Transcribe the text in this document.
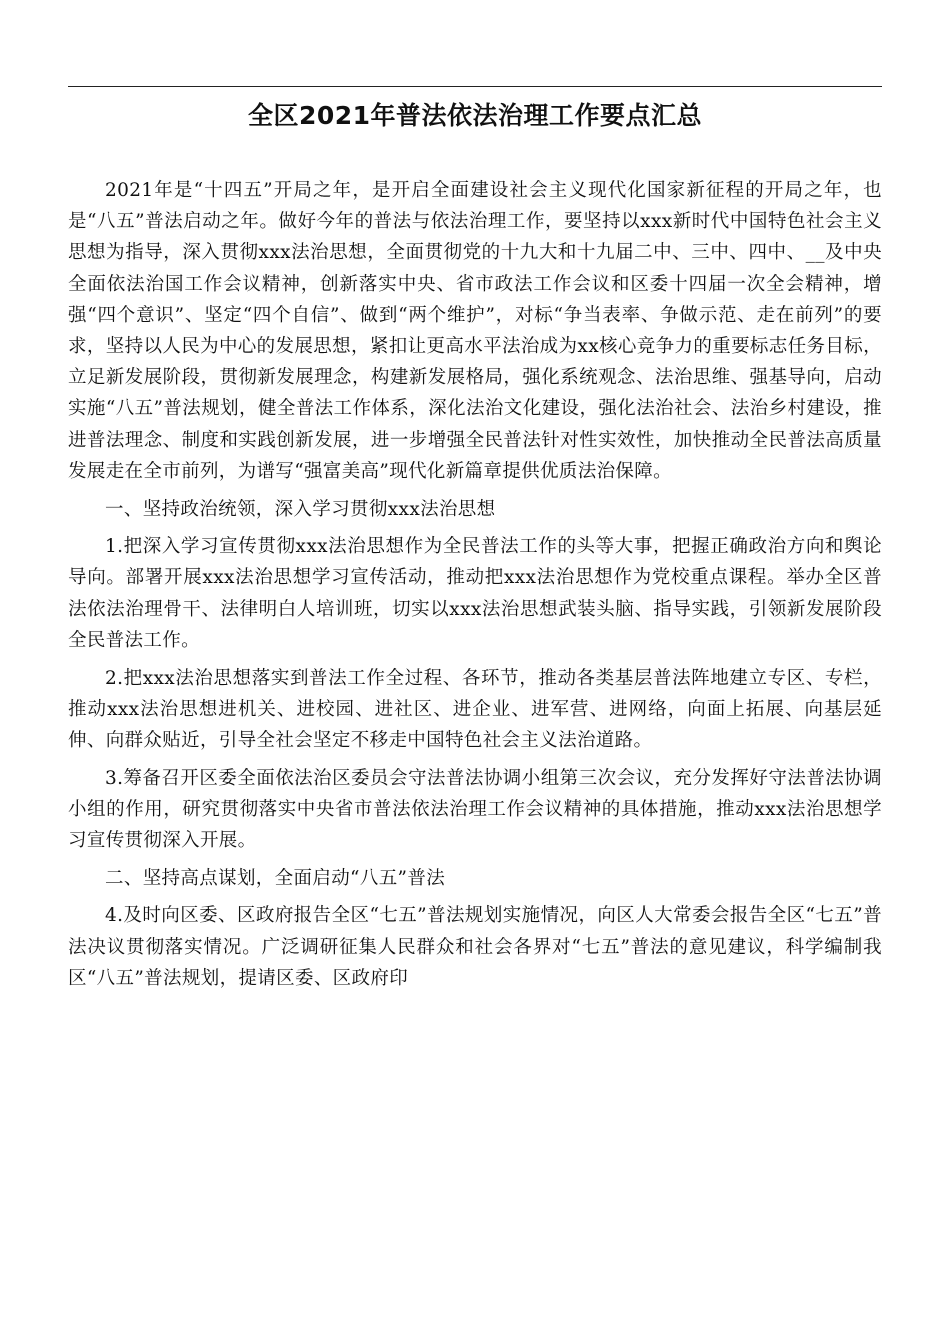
全区2021年普法依法治理工作要点汇总

2021年是“十四五”开局之年，是开启全面建设社会主义现代化国家新征程的开局之年，也是“八五”普法启动之年。做好今年的普法与依法治理工作，要坚持以xxx新时代中国特色社会主义思想为指导，深入贯彻xxx法治思想，全面贯彻党的十九大和十九届二中、三中、四中、__及中央全面依法治国工作会议精神，创新落实中央、省市政法工作会议和区委十四届一次全会精神，增强“四个意识”、坚定“四个自信”、做到“两个维护”，对标“争当表率、争做示范、走在前列”的要求，坚持以人民为中心的发展思想，紧扣让更高水平法治成为xx核心竞争力的重要标志任务目标，立足新发展阶段，贯彻新发展理念，构建新发展格局，强化系统观念、法治思维、强基导向，启动实施“八五”普法规划，健全普法工作体系，深化法治文化建设，强化法治社会、法治乡村建设，推进普法理念、制度和实践创新发展，进一步增强全民普法针对性实效性，加快推动全民普法高质量发展走在全市前列，为谱写“强富美高”现代化新篇章提供优质法治保障。

一、坚持政治统领，深入学习贯彻xxx法治思想

1.把深入学习宣传贯彻xxx法治思想作为全民普法工作的头等大事，把握正确政治方向和舆论导向。部署开展xxx法治思想学习宣传活动，推动把xxx法治思想作为党校重点课程。举办全区普法依法治理骨干、法律明白人培训班，切实以xxx法治思想武装头脑、指导实践，引领新发展阶段全民普法工作。

2.把xxx法治思想落实到普法工作全过程、各环节，推动各类基层普法阵地建立专区、专栏，推动xxx法治思想进机关、进校园、进社区、进企业、进军营、进网络，向面上拓展、向基层延伸、向群众贴近，引导全社会坚定不移走中国特色社会主义法治道路。

3.筹备召开区委全面依法治区委员会守法普法协调小组第三次会议，充分发挥好守法普法协调小组的作用，研究贯彻落实中央省市普法依法治理工作会议精神的具体措施，推动xxx法治思想学习宣传贯彻深入开展。

二、坚持高点谋划，全面启动“八五”普法

4.及时向区委、区政府报告全区“七五”普法规划实施情况，向区人大常委会报告全区“七五”普法决议贯彻落实情况。广泛调研征集人民群众和社会各界对“七五”普法的意见建议，科学编制我区“八五”普法规划，提请区委、区政府印
